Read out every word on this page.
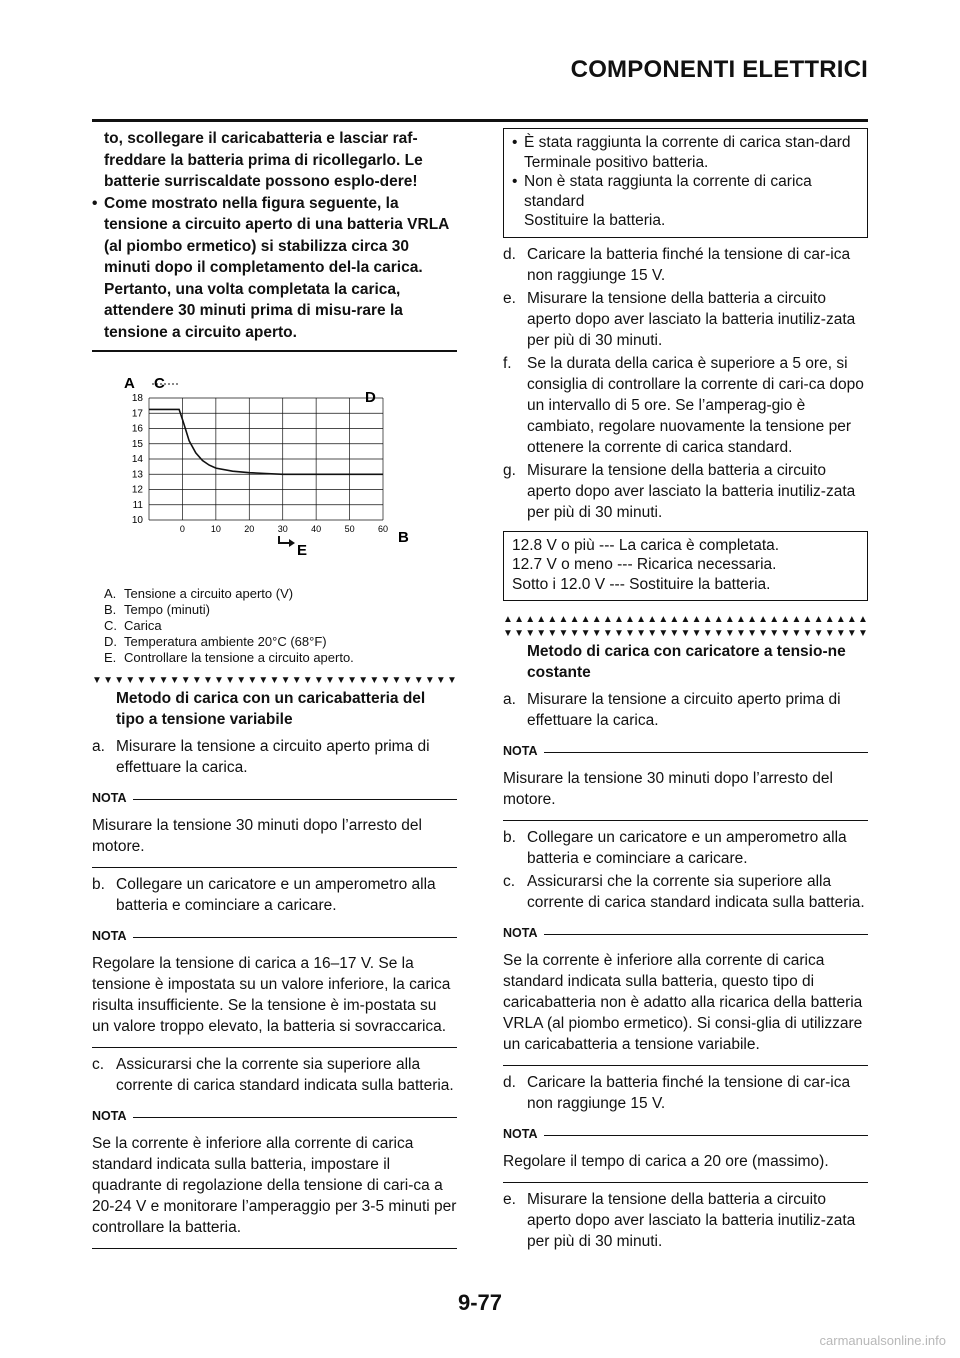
COMPONENTI ELETTRICI

to, scollegare il caricabatteria e lasciar raf-freddare la batteria prima di ricollegarlo. Le batterie surriscaldate possono esplo-dere!

• Come mostrato nella figura seguente, la tensione a circuito aperto di una batteria VRLA (al piombo ermetico) si stabilizza circa 30 minuti dopo il completamento del-la carica. Pertanto, una volta completata la carica, attendere 30 minuti prima di misu-rare la tensione a circuito aperto.
10
11
12
13
14
15
16
17
18
0	10	20	30	40	50	60
A C
D
B
E
A. Tensione a circuito aperto (V)
B. Tempo (minuti)
C. Carica
D. Temperatura ambiente 20°C (68°F)
E. Controllare la tensione a circuito aperto.
▼ ▼ ▼ ▼ ▼ ▼ ▼ ▼ ▼ ▼ ▼ ▼ ▼ ▼ ▼ ▼ ▼ ▼ ▼ ▼ ▼ ▼ ▼ ▼ ▼ ▼ ▼ ▼ ▼ ▼ ▼ ▼ ▼

Metodo di carica con un caricabatteria del tipo a tensione variabile

a. Misurare la tensione a circuito aperto prima di effettuare la carica.
NOTA

Misurare la tensione 30 minuti dopo l’arresto del motore.

b. Collegare un caricatore e un amperometro alla batteria e cominciare a caricare.
NOTA

Regolare la tensione di carica a 16–17 V. Se la tensione è impostata su un valore inferiore, la carica risulta insufficiente. Se la tensione è im-postata su un valore troppo elevato, la batteria si sovraccarica.

c. Assicurarsi che la corrente sia superiore alla corrente di carica standard indicata sulla batteria.
NOTA

Se la corrente è inferiore alla corrente di carica standard indicata sulla batteria, impostare il quadrante di regolazione della tensione di cari-ca a 20-24 V e monitorare l’amperaggio per 3-5 minuti per controllare la batteria.

• È stata raggiunta la corrente di carica stan-dard
Terminale positivo batteria.
• Non è stata raggiunta la corrente di carica standard
Sostituire la batteria.
d. Caricare la batteria finché la tensione di car-ica non raggiunge 15 V.
e. Misurare la tensione della batteria a circuito aperto dopo aver lasciato la batteria inutiliz-zata per più di 30 minuti.
f. Se la durata della carica è superiore a 5 ore, si consiglia di controllare la corrente di cari-ca dopo un intervallo di 5 ore. Se l’amperag-gio è cambiato, regolare nuovamente la tensione per ottenere la corrente di carica standard.
g. Misurare la tensione della batteria a circuito aperto dopo aver lasciato la batteria inutiliz-zata per più di 30 minuti.
12.8 V o più --- La carica è completata.
12.7 V o meno --- Ricarica necessaria.
Sotto i 12.0 V --- Sostituire la batteria.
▲ ▲ ▲ ▲ ▲ ▲ ▲ ▲ ▲ ▲ ▲ ▲ ▲ ▲ ▲ ▲ ▲ ▲ ▲ ▲ ▲ ▲ ▲ ▲ ▲ ▲ ▲ ▲ ▲ ▲ ▲ ▲ ▲
▼ ▼ ▼ ▼ ▼ ▼ ▼ ▼ ▼ ▼ ▼ ▼ ▼ ▼ ▼ ▼ ▼ ▼ ▼ ▼ ▼ ▼ ▼ ▼ ▼ ▼ ▼ ▼ ▼ ▼ ▼ ▼ ▼

Metodo di carica con caricatore a tensio-ne costante

a. Misurare la tensione a circuito aperto prima di effettuare la carica.
NOTA

Misurare la tensione 30 minuti dopo l’arresto del motore.

b. Collegare un caricatore e un amperometro alla batteria e cominciare a caricare.
c. Assicurarsi che la corrente sia superiore alla corrente di carica standard indicata sulla batteria.
NOTA

Se la corrente è inferiore alla corrente di carica standard indicata sulla batteria, questo tipo di caricabatteria non è adatto alla ricarica della batteria VRLA (al piombo ermetico). Si consi-glia di utilizzare un caricabatteria a tensione variabile.

d. Caricare la batteria finché la tensione di car-ica non raggiunge 15 V.
NOTA

Regolare il tempo di carica a 20 ore (massimo).

e. Misurare la tensione della batteria a circuito aperto dopo aver lasciato la batteria inutiliz-zata per più di 30 minuti.
9-77
carmanualsonline.info
